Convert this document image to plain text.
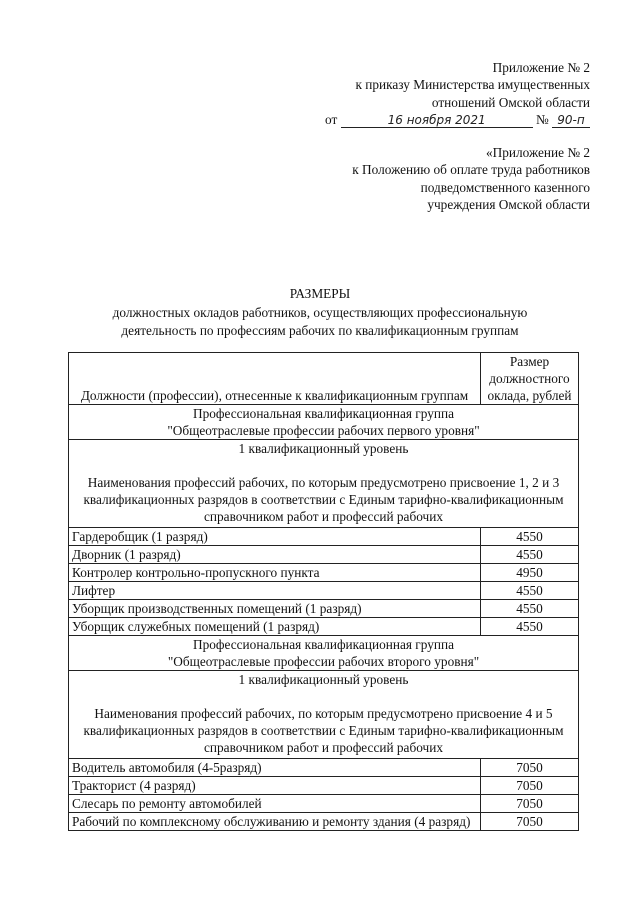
Приложение № 2
к приказу Министерства имущественных
отношений Омской области
от	16 ноября 2021	№ 90-п
«Приложение № 2
к Положению об оплате труда работников
подведомственного казенного
учреждения Омской области
РАЗМЕРЫ
должностных окладов работников, осуществляющих профессиональную
деятельность по профессиям рабочих по квалификационным группам
Должности (профессии), отнесенные к квалификационным группам	Размер должностного оклада, рублей

Профессиональная квалификационная группа
"Общеотраслевые профессии рабочих первого уровня"	

1 квалификационный уровень
Наименования профессий рабочих, по которым предусмотрено присвоение 1, 2 и 3 квалификационных разрядов в соответствии с Единым тарифно-квалификационным справочником работ и профессий рабочих	

Гардеробщик (1 разряд)	4550
Дворник (1 разряд)	4550
Контролер контрольно-пропускного пункта	4950
Лифтер	4550
Уборщик производственных помещений (1 разряд)	4550
Уборщик служебных помещений (1 разряд)	4550

Профессиональная квалификационная группа
"Общеотраслевые профессии рабочих второго уровня"	

1 квалификационный уровень
Наименования профессий рабочих, по которым предусмотрено присвоение 4 и 5 квалификационных разрядов в соответствии с Единым тарифно-квалификационным справочником работ и профессий рабочих	

Водитель автомобиля (4-5разряд)	7050
Тракторист (4 разряд)	7050
Слесарь по ремонту автомобилей	7050
Рабочий по комплексному обслуживанию и ремонту здания (4 разряд)	7050
